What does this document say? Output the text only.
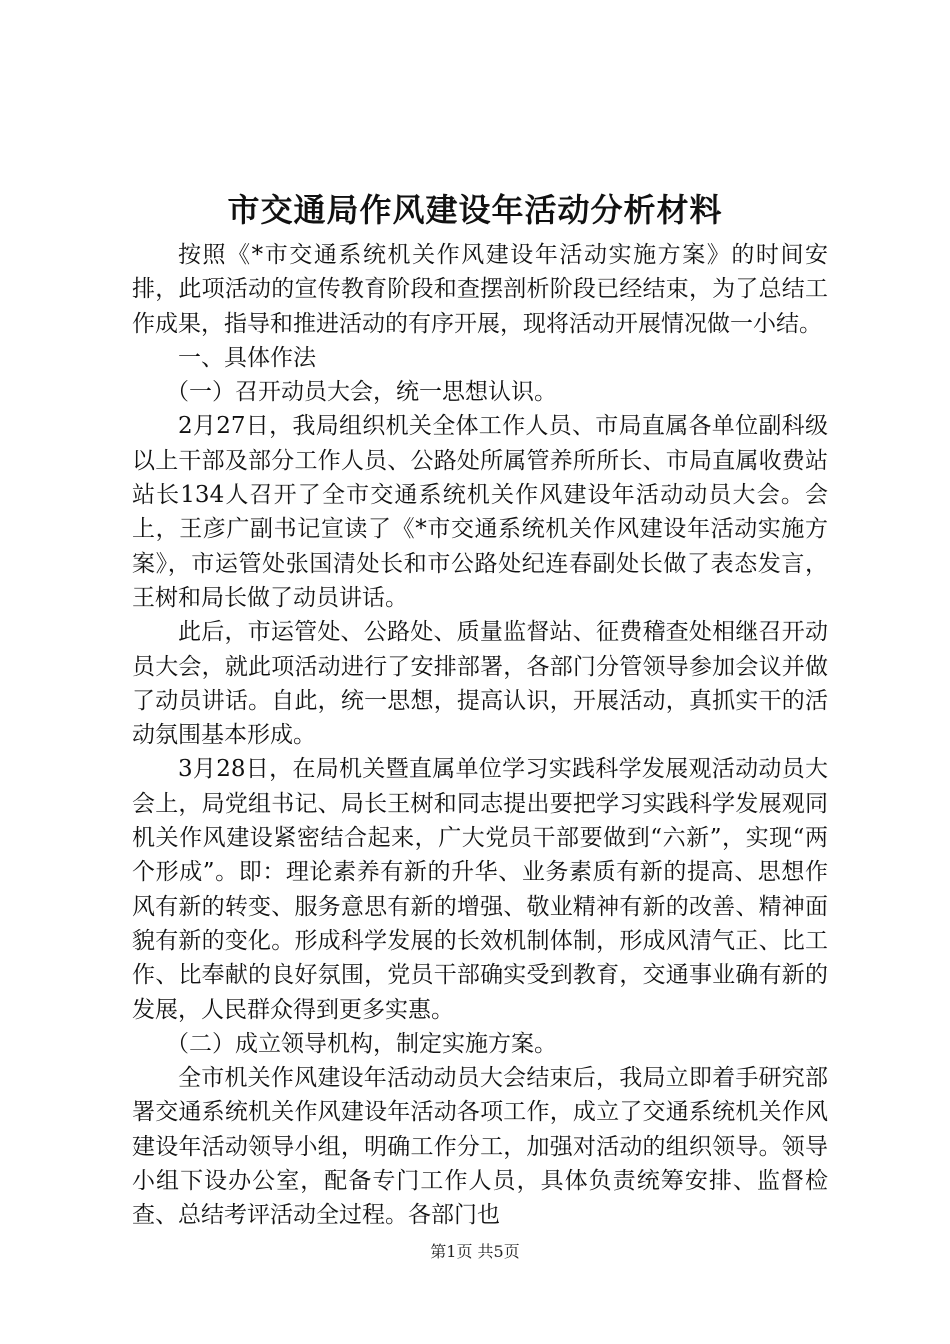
市交通局作风建设年活动分析材料

按照《*市交通系统机关作风建设年活动实施方案》的时间安排，此项活动的宣传教育阶段和查摆剖析阶段已经结束，为了总结工作成果，指导和推进活动的有序开展，现将活动开展情况做一小结。

一、具体作法

（一）召开动员大会，统一思想认识。

2月27日，我局组织机关全体工作人员、市局直属各单位副科级以上干部及部分工作人员、公路处所属管养所所长、市局直属收费站站长134人召开了全市交通系统机关作风建设年活动动员大会。会上，王彦广副书记宣读了《*市交通系统机关作风建设年活动实施方案》，市运管处张国清处长和市公路处纪连春副处长做了表态发言，王树和局长做了动员讲话。

此后，市运管处、公路处、质量监督站、征费稽查处相继召开动员大会，就此项活动进行了安排部署，各部门分管领导参加会议并做了动员讲话。自此，统一思想，提高认识，开展活动，真抓实干的活动氛围基本形成。

3月28日，在局机关暨直属单位学习实践科学发展观活动动员大会上，局党组书记、局长王树和同志提出要把学习实践科学发展观同机关作风建设紧密结合起来，广大党员干部要做到“六新”，实现“两个形成”。即：理论素养有新的升华、业务素质有新的提高、思想作风有新的转变、服务意思有新的增强、敬业精神有新的改善、精神面貌有新的变化。形成科学发展的长效机制体制，形成风清气正、比工作、比奉献的良好氛围，党员干部确实受到教育，交通事业确有新的发展，人民群众得到更多实惠。

（二）成立领导机构，制定实施方案。

全市机关作风建设年活动动员大会结束后，我局立即着手研究部署交通系统机关作风建设年活动各项工作，成立了交通系统机关作风建设年活动领导小组，明确工作分工，加强对活动的组织领导。领导小组下设办公室，配备专门工作人员，具体负责统筹安排、监督检查、总结考评活动全过程。各部门也

第1页 共5页
